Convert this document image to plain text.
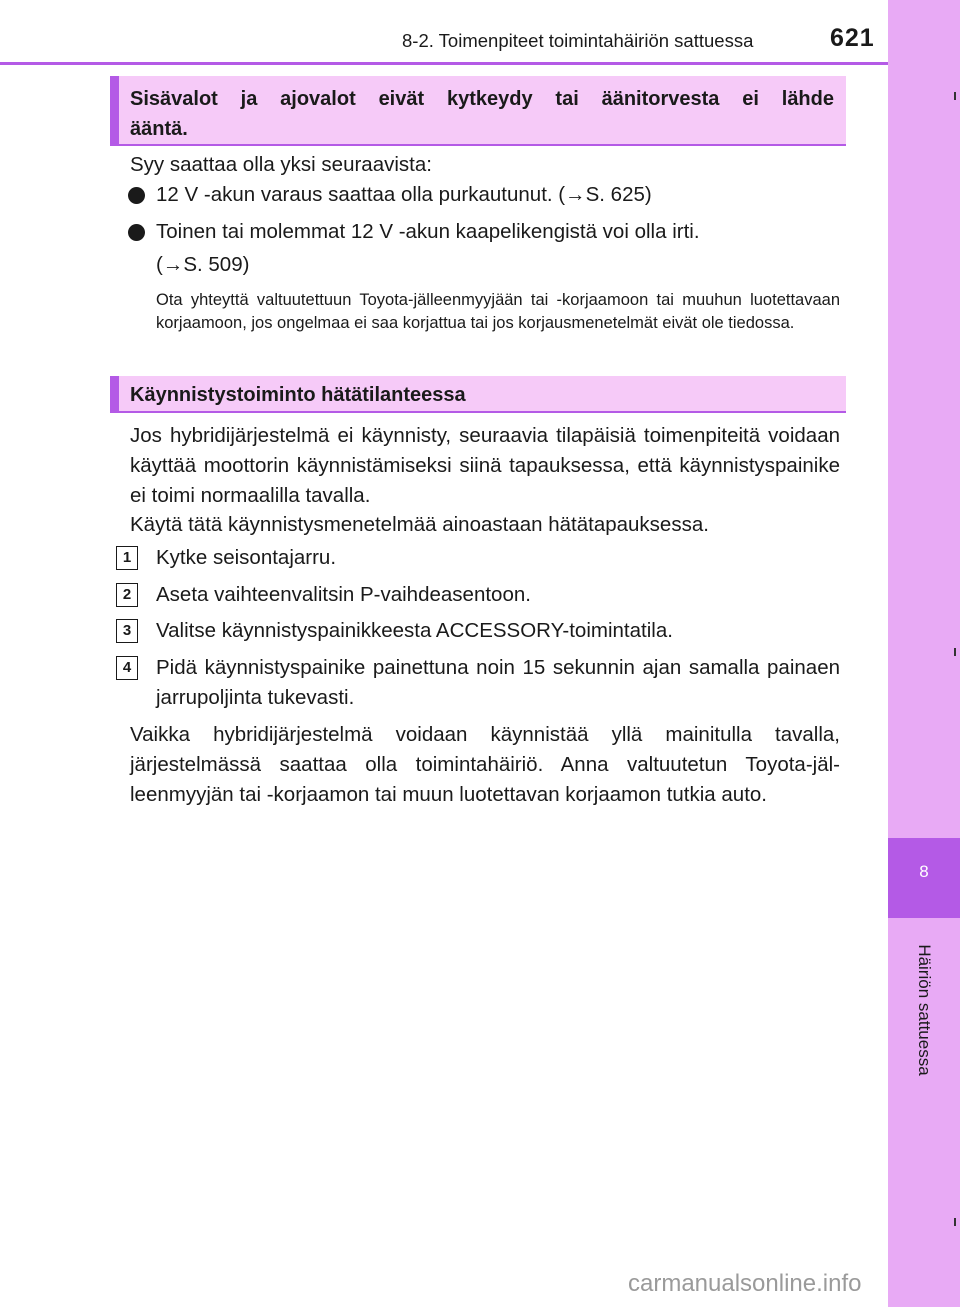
8
Häiriön sattuessa
8-2. Toimenpiteet toimintahäiriön sattuessa	621
Sisävalot ja ajovalot eivät kytkeydy tai äänitorvesta ei lähde ääntä.
Syy saattaa olla yksi seuraavista:
12 V -akun varaus saattaa olla purkautunut. (→S. 625)
Toinen tai molemmat 12 V -akun kaapelikengistä voi olla irti.
(→S. 509)
Ota yhteyttä valtuutettuun Toyota-jälleenmyyjään tai -korjaamoon tai muuhun luotettavaan korjaamoon, jos ongelmaa ei saa korjattua tai jos korjausmenetelmät eivät ole tiedossa.
Käynnistystoiminto hätätilanteessa
Jos hybridijärjestelmä ei käynnisty, seuraavia tilapäisiä toimenpiteitä voidaan käyttää moottorin käynnistämiseksi siinä tapauksessa, että käynnistyspainike ei toimi normaalilla tavalla.
Käytä tätä käynnistysmenetelmää ainoastaan hätätapauksessa.
1	Kytke seisontajarru.
2	Aseta vaihteenvalitsin P-vaihdeasentoon.
3	Valitse käynnistyspainikkeesta ACCESSORY-toimintatila.
4	Pidä käynnistyspainike painettuna noin 15 sekunnin ajan samalla painaen jarrupoljinta tukevasti.
Vaikka hybridijärjestelmä voidaan käynnistää yllä mainitulla tavalla, järjestelmässä saattaa olla toimintahäiriö. Anna valtuutetun Toyota-jälleenmyyjän tai -korjaamon tai muun luotettavan korjaamon tutkia auto.
carmanualsonline.info
